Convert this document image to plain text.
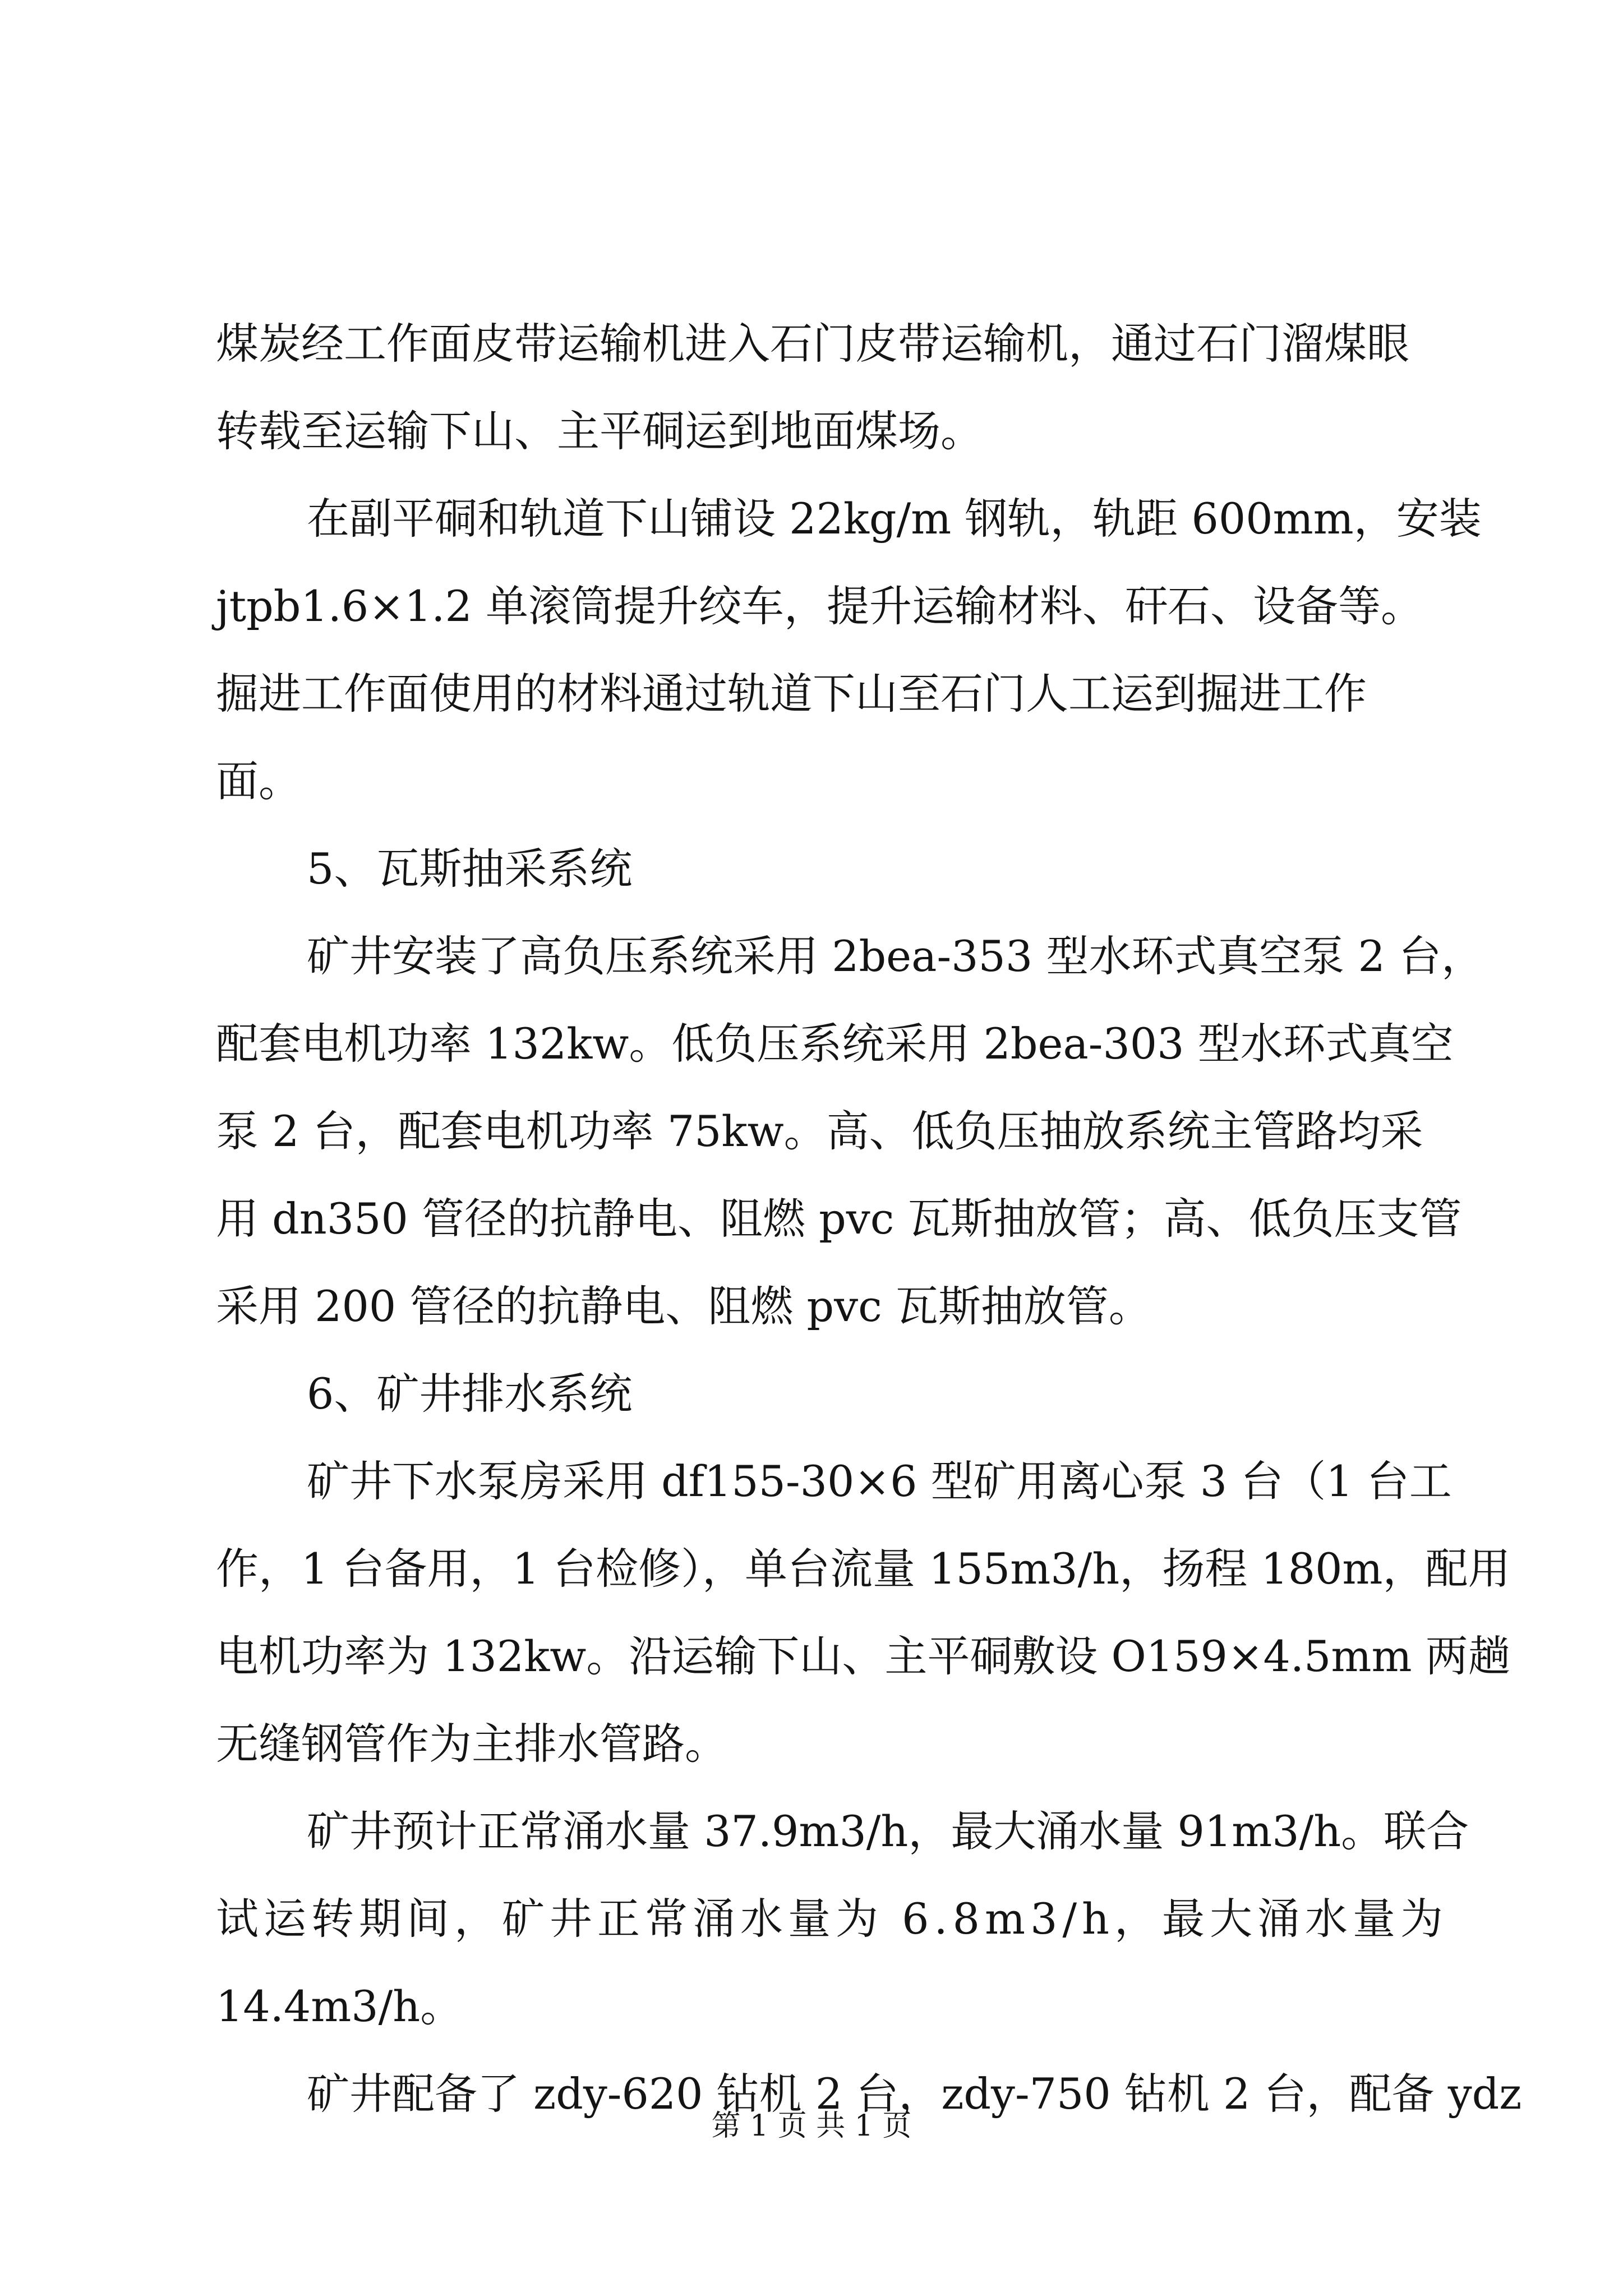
煤炭经工作面皮带运输机进入石门皮带运输机，通过石门溜煤眼
转载至运输下山、主平硐运到地面煤场。
在副平硐和轨道下山铺设 22kg/m 钢轨，轨距 600mm，安装
jtpb1.6×1.2 单滚筒提升绞车，提升运输材料、矸石、设备等。
掘进工作面使用的材料通过轨道下山至石门人工运到掘进工作
面。
5、瓦斯抽采系统
矿井安装了高负压系统采用 2bea-353 型水环式真空泵 2 台，
配套电机功率 132kw。低负压系统采用 2bea-303 型水环式真空
泵 2 台，配套电机功率 75kw。高、低负压抽放系统主管路均采
用 dn350 管径的抗静电、阻燃 pvc 瓦斯抽放管；高、低负压支管
采用 200 管径的抗静电、阻燃 pvc 瓦斯抽放管。
6、矿井排水系统
矿井下水泵房采用 df155-30×6 型矿用离心泵 3 台（1 台工
作，1 台备用，1 台检修），单台流量 155m3/h，扬程 180m，配用
电机功率为 132kw。沿运输下山、主平硐敷设 O159×4.5mm 两趟
无缝钢管作为主排水管路。
矿井预计正常涌水量 37.9m3/h，最大涌水量 91m3/h。联合
试运转期间，矿井正常涌水量为 6.8m3/h，最大涌水量为
14.4m3/h。
矿井配备了 zdy-620 钻机 2 台，zdy-750 钻机 2 台，配备 ydz
第 1 页 共 1 页
